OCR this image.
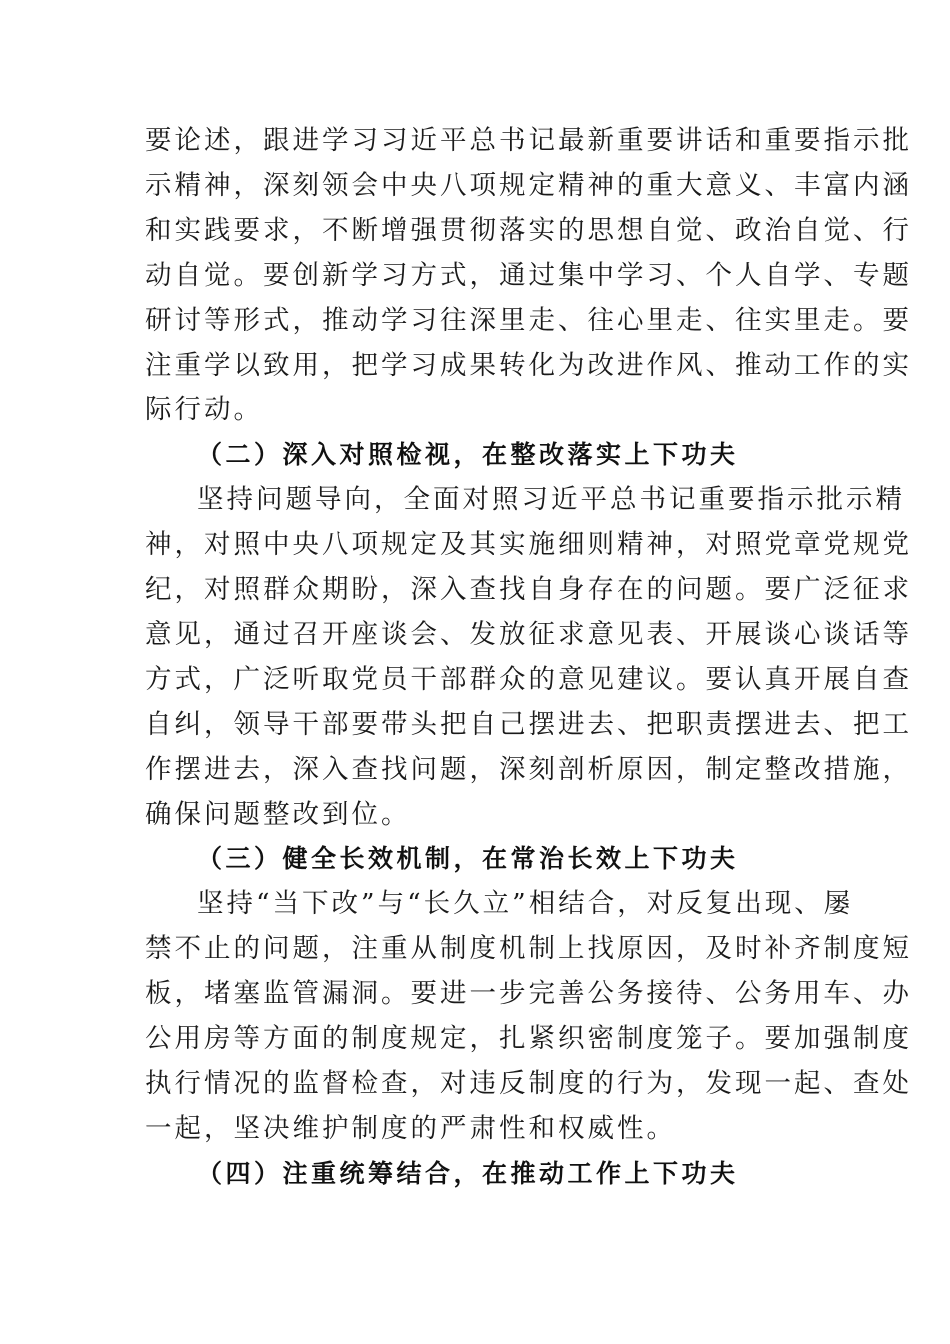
要论述，跟进学习习近平总书记最新重要讲话和重要指示批
示精神，深刻领会中央八项规定精神的重大意义、丰富内涵
和实践要求，不断增强贯彻落实的思想自觉、政治自觉、行
动自觉。要创新学习方式，通过集中学习、个人自学、专题
研讨等形式，推动学习往深里走、往心里走、往实里走。要
注重学以致用，把学习成果转化为改进作风、推动工作的实
际行动。
（二）深入对照检视，在整改落实上下功夫
坚持问题导向，全面对照习近平总书记重要指示批示精
神，对照中央八项规定及其实施细则精神，对照党章党规党
纪，对照群众期盼，深入查找自身存在的问题。要广泛征求
意见，通过召开座谈会、发放征求意见表、开展谈心谈话等
方式，广泛听取党员干部群众的意见建议。要认真开展自查
自纠，领导干部要带头把自己摆进去、把职责摆进去、把工
作摆进去，深入查找问题，深刻剖析原因，制定整改措施，
确保问题整改到位。
（三）健全长效机制，在常治长效上下功夫
坚持“当下改”与“长久立”相结合，对反复出现、屡
禁不止的问题，注重从制度机制上找原因，及时补齐制度短
板，堵塞监管漏洞。要进一步完善公务接待、公务用车、办
公用房等方面的制度规定，扎紧织密制度笼子。要加强制度
执行情况的监督检查，对违反制度的行为，发现一起、查处
一起，坚决维护制度的严肃性和权威性。
（四）注重统筹结合，在推动工作上下功夫
